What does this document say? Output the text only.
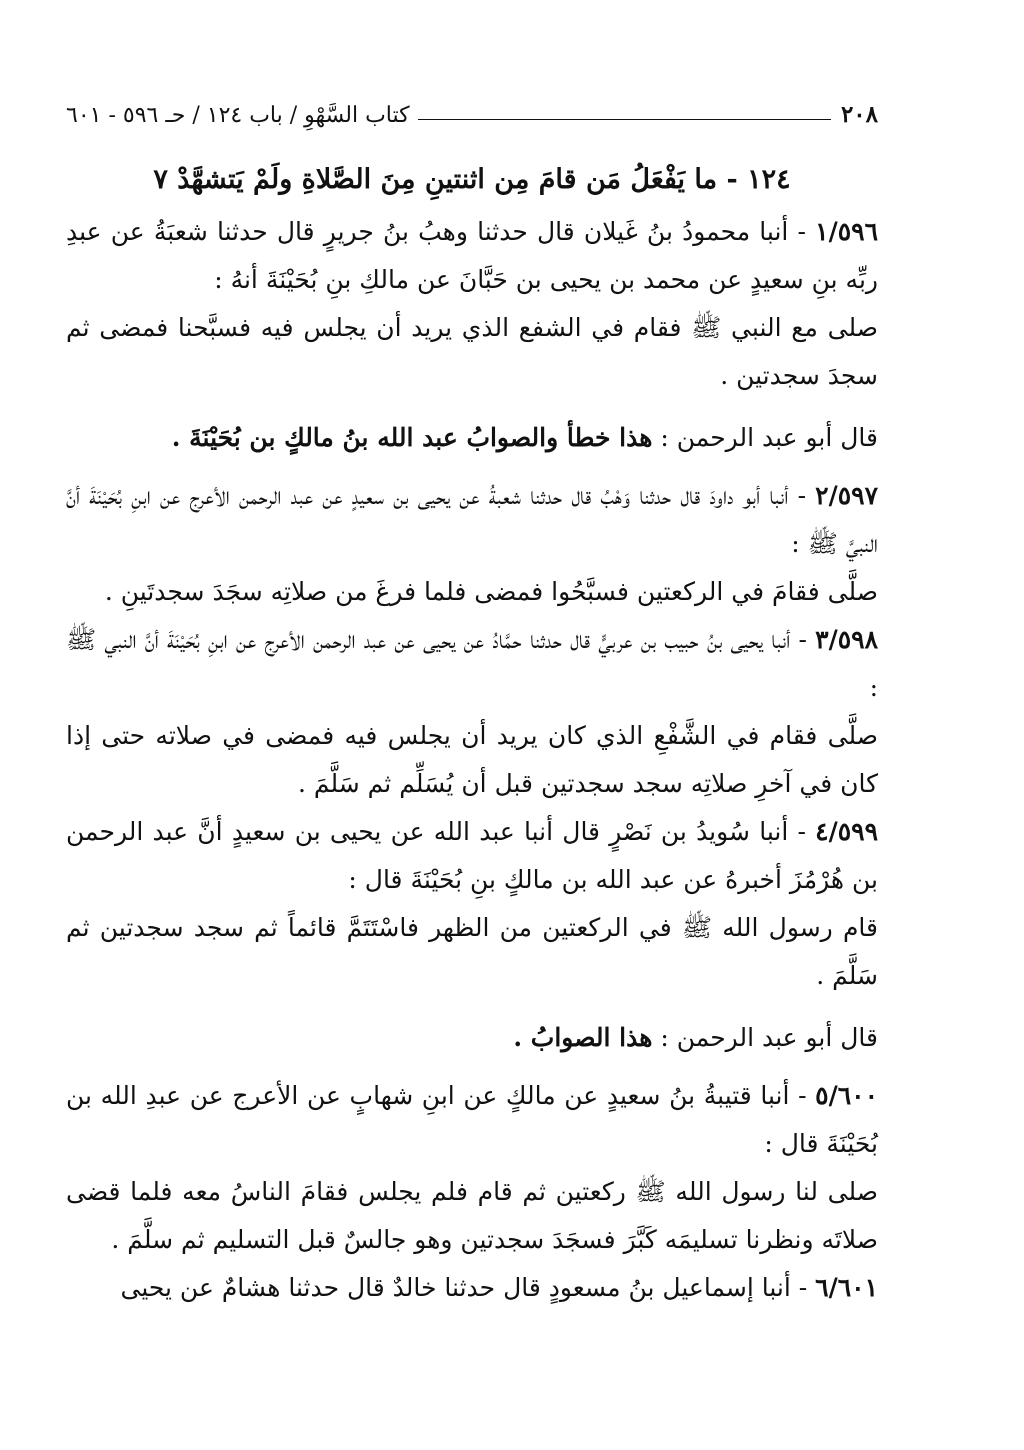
٢٠٨
كتاب السَّهْوِ / باب ١٢٤ / حـ ٥٩٦ - ٦٠١
١٢٤ - ما يَفْعَلُ مَن قامَ مِن اثنتينِ مِنَ الصَّلاةِ ولَمْ يَتشهَّدْ ٧

١/٥٩٦ - أنبا محمودُ بنُ غَيلان قال حدثنا وهبُ بنُ جريرٍ قال حدثنا شعبَةُ عن عبدِ ربِّه بنِ سعيدٍ عن محمد بن يحيى بن حَبَّانَ عن مالكِ بنِ بُحَيْنَةَ أنهُ :

صلى مع النبي ﷺ فقام في الشفع الذي يريد أن يجلس فيه فسبَّحنا فمضى ثم سجدَ سجدتين .

قال أبو عبد الرحمن : هذا خطأ والصوابُ عبد الله بنُ مالكٍ بن بُحَيْنَةَ .

٢/٥٩٧ - أنبا أبو داودَ قال حدثنا وَهْبُ قال حدثنا شعبةُ عن يحيى بن سعيدٍ عن عبد الرحمن الأعرج عن ابنِ بُحَيْنَةَ أنَّ النبيَّ ﷺ :

صلَّى فقامَ في الركعتين فسبَّحُوا فمضى فلما فرغَ من صلاتِه سجَدَ سجدتَينِ .

٣/٥٩٨ - أنبا يحيى بنُ حبيب بن عربيٍّ قال حدثنا حمَّادُ عن يحيى عن عبد الرحمن الأعرج عن ابنِ بُحَيْنَةَ أنَّ النبي ﷺ :

صلَّى فقام في الشَّفْعِ الذي كان يريد أن يجلس فيه فمضى في صلاته حتى إذا كان في آخرِ صلاتِه سجد سجدتين قبل أن يُسَلِّم ثم سَلَّمَ .

٤/٥٩٩ - أنبا سُويدُ بن نَصْرٍ قال أنبا عبد الله عن يحيى بن سعيدٍ أنَّ عبد الرحمن بن هُرْمُزَ أخبرهُ عن عبد الله بن مالكٍ بنِ بُحَيْنَةَ قال :

قام رسول الله ﷺ في الركعتين من الظهر فاسْتَتَمَّ قائماً ثم سجد سجدتين ثم سَلَّمَ .

قال أبو عبد الرحمن : هذا الصوابُ .

٥/٦٠٠ - أنبا قتيبةُ بنُ سعيدٍ عن مالكٍ عن ابنِ شهابٍ عن الأعرج عن عبدِ الله بن بُحَيْنَةَ قال :

صلى لنا رسول الله ﷺ ركعتين ثم قام فلم يجلس فقامَ الناسُ معه فلما قضى صلاتَه ونظرنا تسليمَه كَبَّرَ فسجَدَ سجدتين وهو جالسٌ قبل التسليم ثم سلَّمَ .

٦/٦٠١ - أنبا إسماعيل بنُ مسعودٍ قال حدثنا خالدٌ قال حدثنا هشامٌ عن يحيى
